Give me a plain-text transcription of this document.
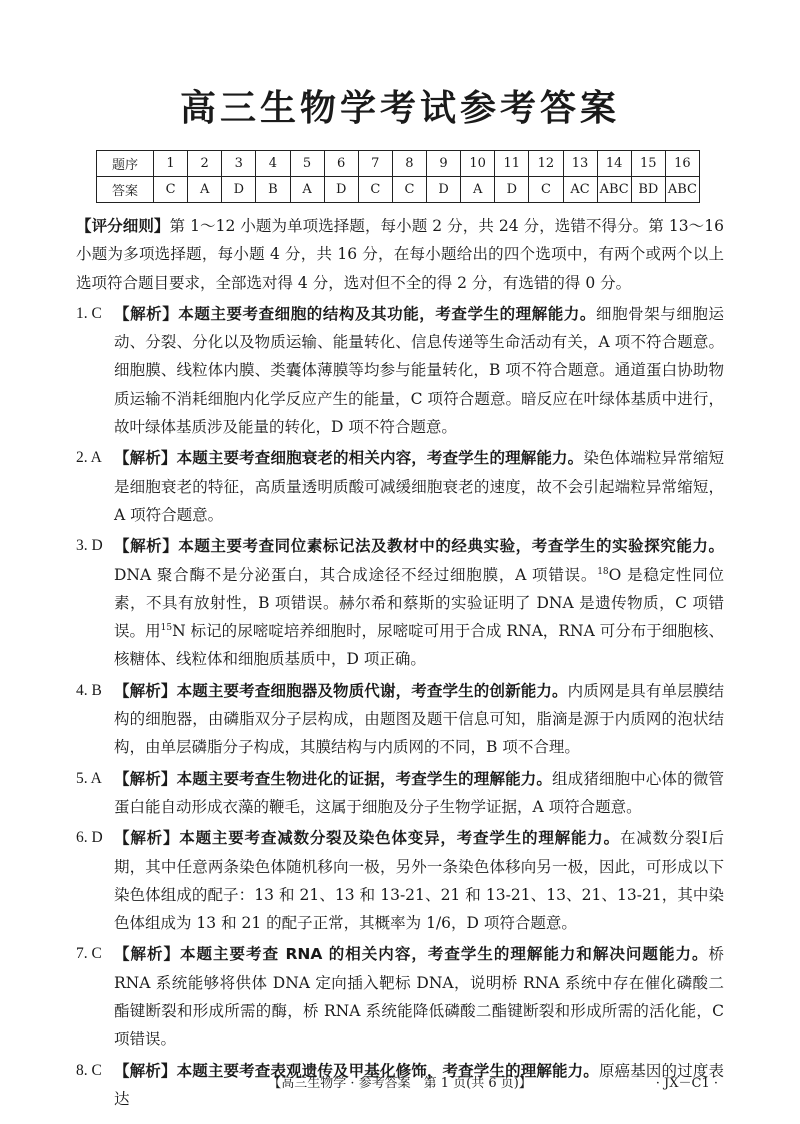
高三生物学考试参考答案
题序	1	2	3	4	5	6	7	8	9	10	11	12	13	14	15	16
答案	C	A	D	B	A	D	C	C	D	A	D	C	AC	ABC	BD	ABC

【评分细则】第 1～12 小题为单项选择题，每小题 2 分，共 24 分，选错不得分。第 13～16 小题为多项选择题，每小题 4 分，共 16 分，在每小题给出的四个选项中，有两个或两个以上选项符合题目要求，全部选对得 4 分，选对但不全的得 2 分，有选错的得 0 分。

1. C 【解析】本题主要考查细胞的结构及其功能，考查学生的理解能力。细胞骨架与细胞运动、分裂、分化以及物质运输、能量转化、信息传递等生命活动有关，A 项不符合题意。细胞膜、线粒体内膜、类囊体薄膜等均参与能量转化，B 项不符合题意。通道蛋白协助物质运输不消耗细胞内化学反应产生的能量，C 项符合题意。暗反应在叶绿体基质中进行，故叶绿体基质涉及能量的转化，D 项不符合题意。
2. A 【解析】本题主要考查细胞衰老的相关内容，考查学生的理解能力。染色体端粒异常缩短是细胞衰老的特征，高质量透明质酸可减缓细胞衰老的速度，故不会引起端粒异常缩短，A 项符合题意。
3. D 【解析】本题主要考查同位素标记法及教材中的经典实验，考查学生的实验探究能力。DNA 聚合酶不是分泌蛋白，其合成途径不经过细胞膜，A 项错误。$^{18}$O 是稳定性同位素，不具有放射性，B 项错误。赫尔希和蔡斯的实验证明了 DNA 是遗传物质，C 项错误。用$^{15}$N 标记的尿嘧啶培养细胞时，尿嘧啶可用于合成 RNA，RNA 可分布于细胞核、核糖体、线粒体和细胞质基质中，D 项正确。
4. B 【解析】本题主要考查细胞器及物质代谢，考查学生的创新能力。内质网是具有单层膜结构的细胞器，由磷脂双分子层构成，由题图及题干信息可知，脂滴是源于内质网的泡状结构，由单层磷脂分子构成，其膜结构与内质网的不同，B 项不合理。
5. A 【解析】本题主要考查生物进化的证据，考查学生的理解能力。组成猪细胞中心体的微管蛋白能自动形成衣藻的鞭毛，这属于细胞及分子生物学证据，A 项符合题意。
6. D 【解析】本题主要考查减数分裂及染色体变异，考查学生的理解能力。在减数分裂Ⅰ后期，其中任意两条染色体随机移向一极，另外一条染色体移向另一极，因此，可形成以下染色体组成的配子：13 和 21、13 和 13-21、21 和 13-21、13、21、13-21，其中染色体组成为 13 和 21 的配子正常，其概率为 1/6，D 项符合题意。
7. C 【解析】本题主要考查 RNA 的相关内容，考查学生的理解能力和解决问题能力。桥 RNA 系统能够将供体 DNA 定向插入靶标 DNA，说明桥 RNA 系统中存在催化磷酸二酯键断裂和形成所需的酶，桥 RNA 系统能降低磷酸二酯键断裂和形成所需的活化能，C 项错误。
8. C 【解析】本题主要考查表观遗传及甲基化修饰，考查学生的理解能力。原癌基因的过度表达
【高三生物学 · 参考答案　第 1 页(共 6 页)】	· JX－C1 ·
